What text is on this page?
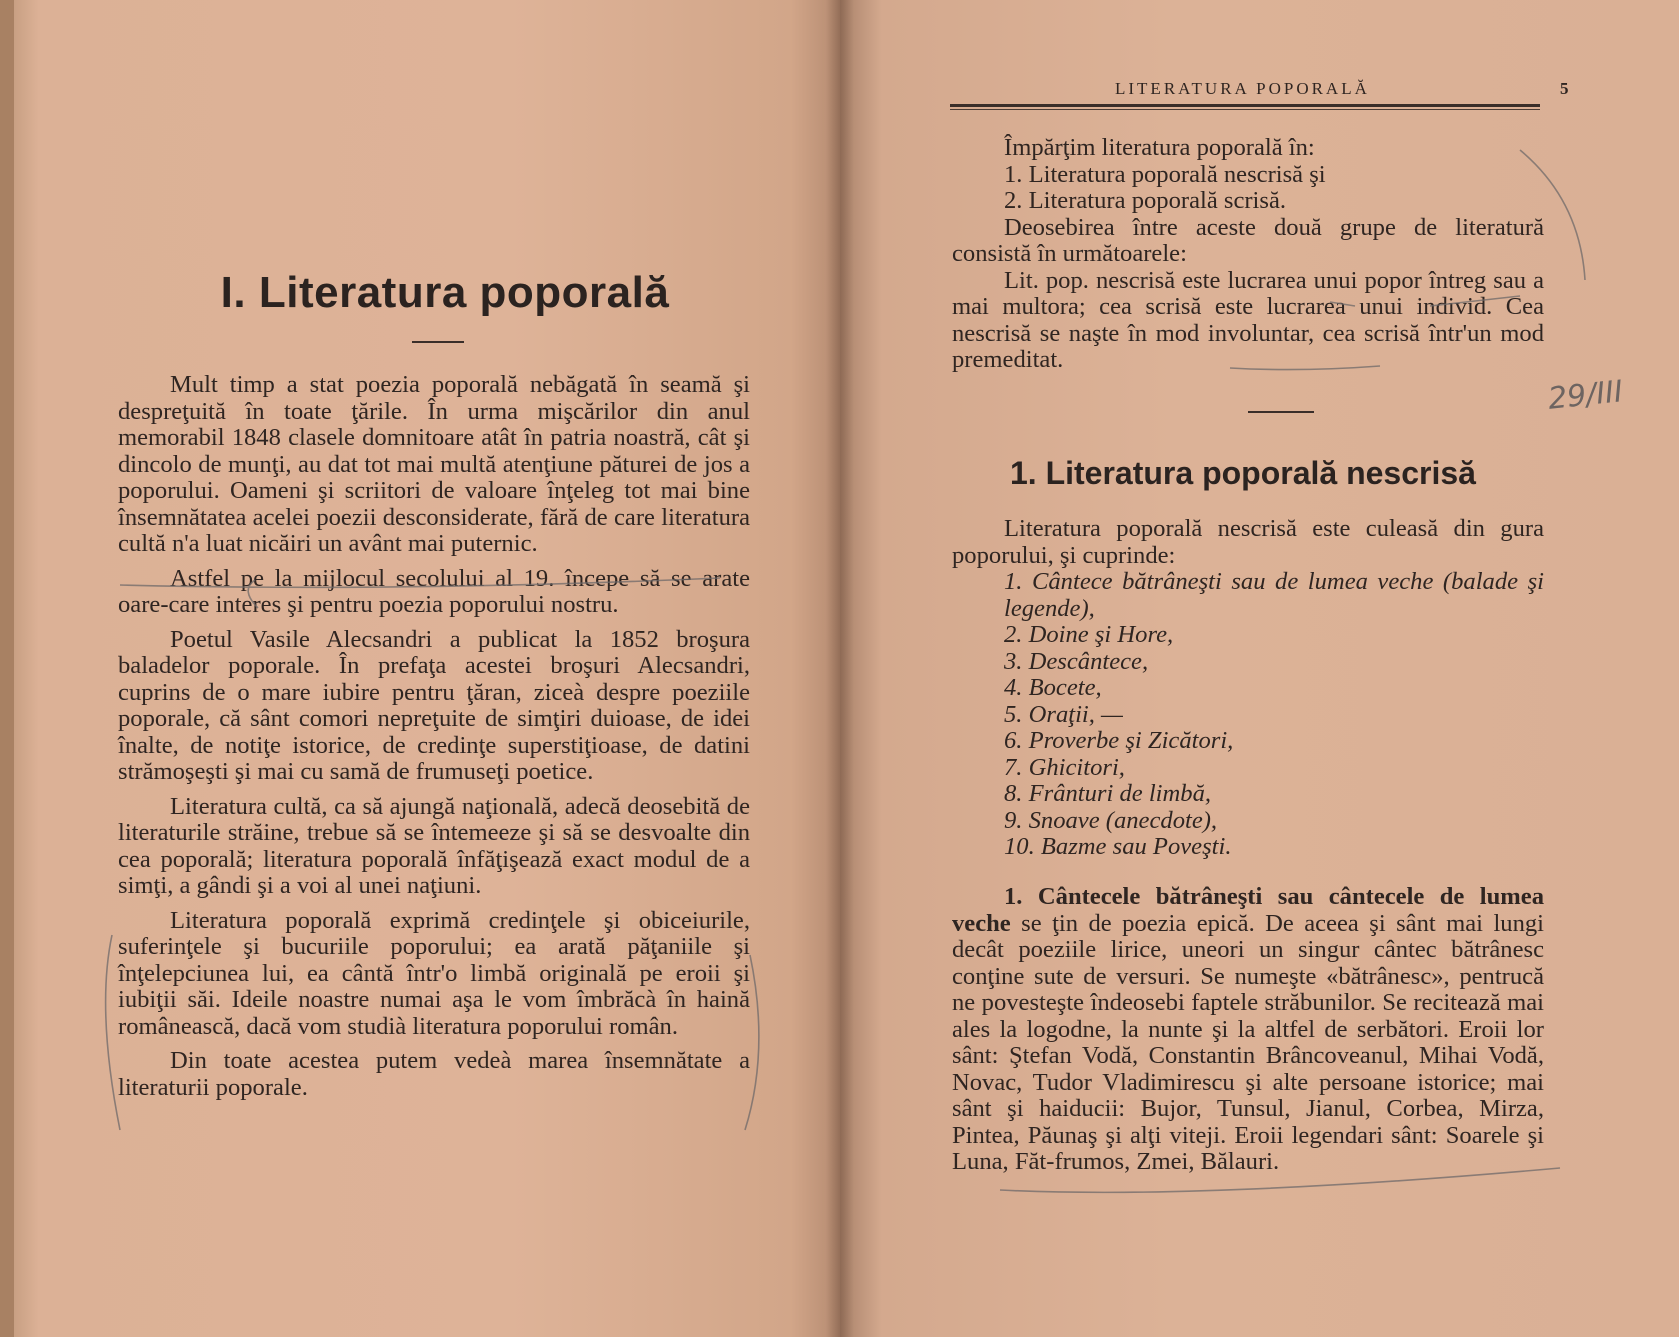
I. Literatura poporală

Mult timp a stat poezia poporală nebăgată în seamă şi despreţuită în toate ţările. În urma mişcărilor din anul memorabil 1848 clasele domnitoare atât în patria noastră, cât şi dincolo de munţi, au dat tot mai multă atenţiune păturei de jos a poporului. Oameni şi scriitori de valoare înţeleg tot mai bine însemnătatea acelei poezii desconsiderate, fără de care literatura cultă n'a luat nicăiri un avânt mai puternic.

Astfel pe la mijlocul secolului al 19. începe să se arate oare-care interes şi pentru poezia poporului nostru.

Poetul Vasile Alecsandri a publicat la 1852 broşura baladelor poporale. În prefaţa acestei broşuri Alecsandri, cuprins de o mare iubire pentru ţăran, ziceà despre poeziile poporale, că sânt comori nepreţuite de simţiri duioase, de idei înalte, de notiţe istorice, de credinţe superstiţioase, de datini strămoşeşti şi mai cu samă de frumuseţi poetice.

Literatura cultă, ca să ajungă naţională, adecă deosebită de literaturile străine, trebue să se întemeeze şi să se desvoalte din cea poporală; literatura poporală înfăţişează exact modul de a simţi, a gândi şi a voi al unei naţiuni.

Literatura poporală exprimă credinţele şi obiceiurile, suferinţele şi bucuriile poporului; ea arată păţaniile şi înţelepciunea lui, ea cântă într'o limbă originală pe eroii şi iubiţii săi. Ideile noastre numai aşa le vom îmbrăcà în haină românească, dacă vom studià literatura poporului român.

Din toate acestea putem vedeà marea însemnătate a literaturii poporale.

LITERATURA POPORALĂ	5

Împărţim literatura poporală în:

1. Literatura poporală nescrisă şi

2. Literatura poporală scrisă.

Deosebirea între aceste două grupe de literatură consistă în următoarele:

Lit. pop. nescrisă este lucrarea unui popor întreg sau a mai multora; cea scrisă este lucrarea unui individ. Cea nescrisă se naşte în mod involuntar, cea scrisă într'un mod premeditat.

29/III
1. Literatura poporală nescrisă

Literatura poporală nescrisă este culeasă din gura poporului, şi cuprinde:

1. Cântece bătrâneşti sau de lumea veche (balade şi legende),
2. Doine şi Hore,
3. Descântece,
4. Bocete,
5. Oraţii, —
6. Proverbe şi Zicători,
7. Ghicitori,
8. Frânturi de limbă,
9. Snoave (anecdote),
10. Bazme sau Poveşti.

1. Cântecele bătrâneşti sau cântecele de lumea veche se ţin de poezia epică. De aceea şi sânt mai lungi decât poeziile lirice, uneori un singur cântec bătrânesc conţine sute de versuri. Se numeşte «bătrânesc», pentrucă ne povesteşte îndeosebi faptele străbunilor. Se recitează mai ales la logodne, la nunte şi la altfel de serbători. Eroii lor sânt: Ştefan Vodă, Constantin Brâncoveanul, Mihai Vodă, Novac, Tudor Vladimirescu şi alte persoane istorice; mai sânt şi haiducii: Bujor, Tunsul, Jianul, Corbea, Mirza, Pintea, Păunaş şi alţi viteji. Eroii legendari sânt: Soarele şi Luna, Făt-frumos, Zmei, Bălauri.
